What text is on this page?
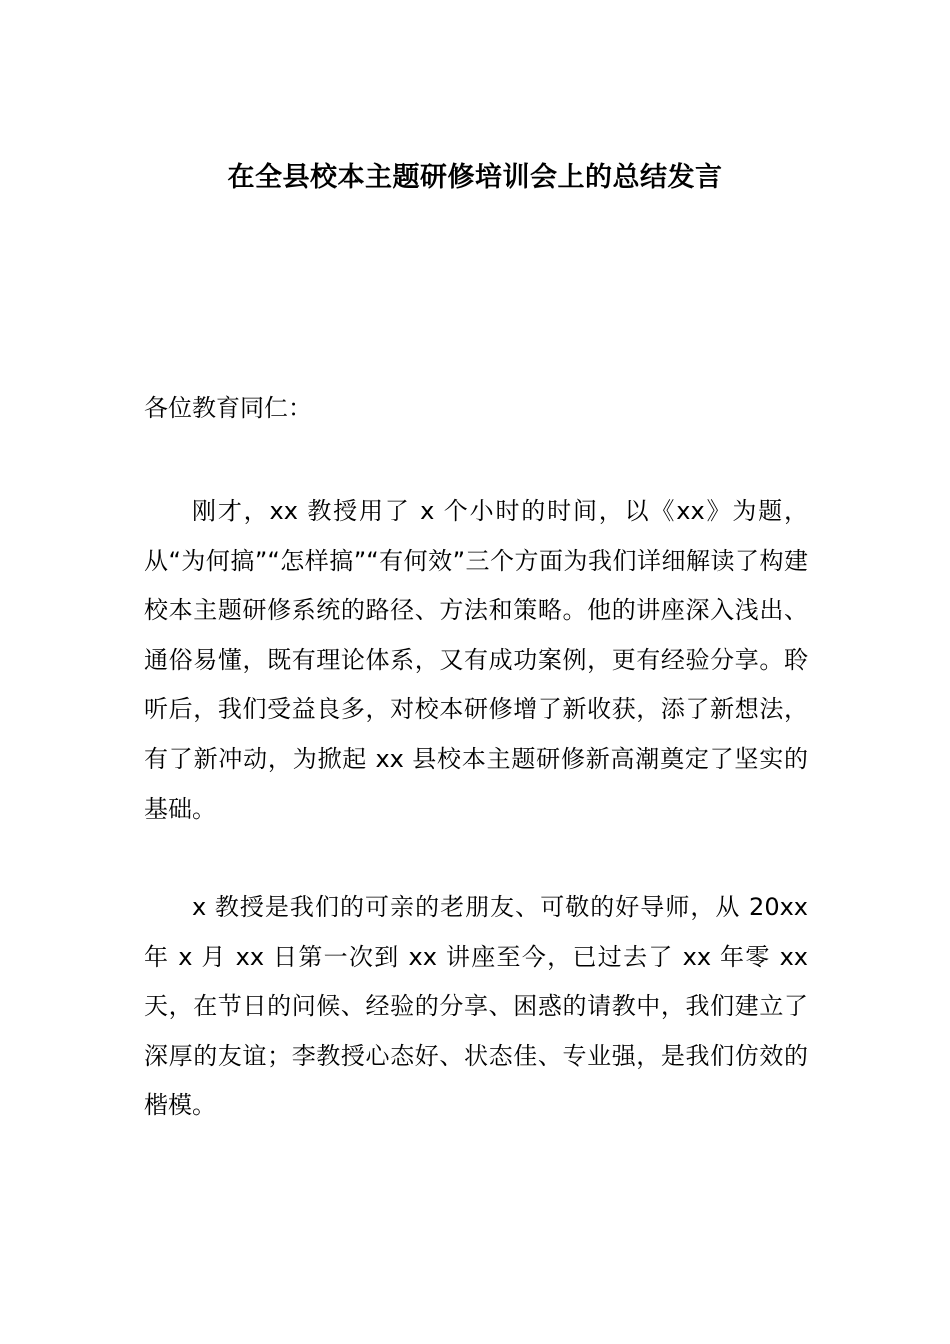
在全县校本主题研修培训会上的总结发言
各位教育同仁：

刚才，xx 教授用了 x 个小时的时间，以《xx》为题，从“为何搞”“怎样搞”“有何效”三个方面为我们详细解读了构建校本主题研修系统的路径、方法和策略。他的讲座深入浅出、通俗易懂，既有理论体系，又有成功案例，更有经验分享。聆听后，我们受益良多，对校本研修增了新收获，添了新想法，有了新冲动，为掀起 xx 县校本主题研修新高潮奠定了坚实的基础。

x 教授是我们的可亲的老朋友、可敬的好导师，从 20xx 年 x 月 xx 日第一次到 xx 讲座至今，已过去了 xx 年零 xx 天，在节日的问候、经验的分享、困惑的请教中，我们建立了深厚的友谊；李教授心态好、状态佳、专业强，是我们仿效的楷模。
